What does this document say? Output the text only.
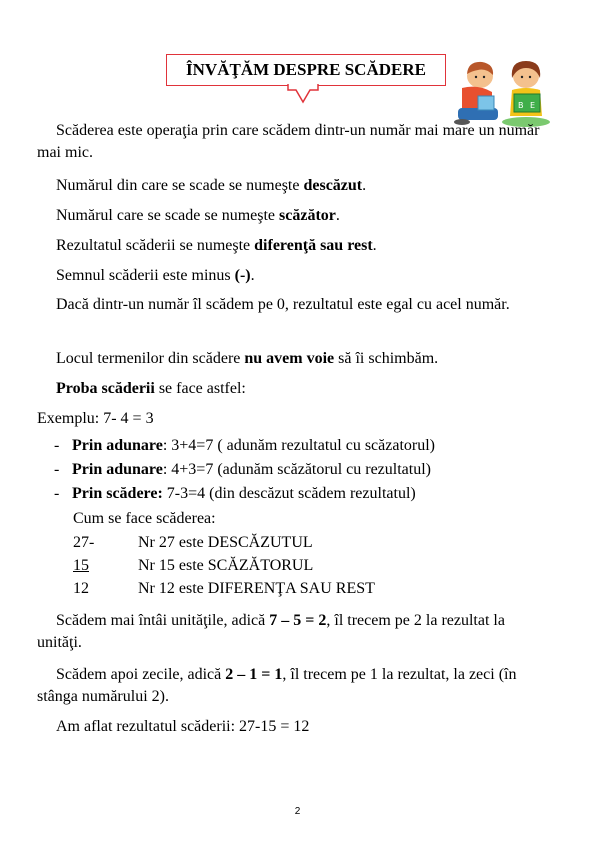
ÎNVĂŢĂM DESPRE SCĂDERE
B E
Scăderea este operaţia prin care scădem dintr-un număr mai mare un număr mai mic.
Numărul din care se scade se numeşte descăzut.
Numărul care se scade se numeşte scăzător.
Rezultatul scăderii se numeşte diferenţă sau rest.
Semnul scăderii este minus (-).
Dacă dintr-un număr îl scădem pe 0, rezultatul este egal cu acel număr.
Locul termenilor din scădere nu avem voie să îi schimbăm.
Proba scăderii se face astfel:
Exemplu: 7- 4 = 3
- Prin adunare: 3+4=7 ( adunăm rezultatul cu scăzatorul)
- Prin adunare: 4+3=7 (adunăm scăzătorul cu rezultatul)
- Prin scădere: 7-3=4 (din descăzut scădem rezultatul)
Cum se face scăderea:
27-	Nr 27 este DESCĂZUTUL
15	Nr 15 este SCĂZĂTORUL
12	Nr 12 este DIFERENŢA SAU REST
Scădem mai întâi unităţile, adică 7 – 5 = 2, îl trecem pe 2 la rezultat la unităţi.
Scădem apoi zecile, adică 2 – 1 = 1, îl trecem pe 1 la rezultat, la zeci (în stânga numărului 2).
Am aflat rezultatul scăderii: 27-15 = 12
2
